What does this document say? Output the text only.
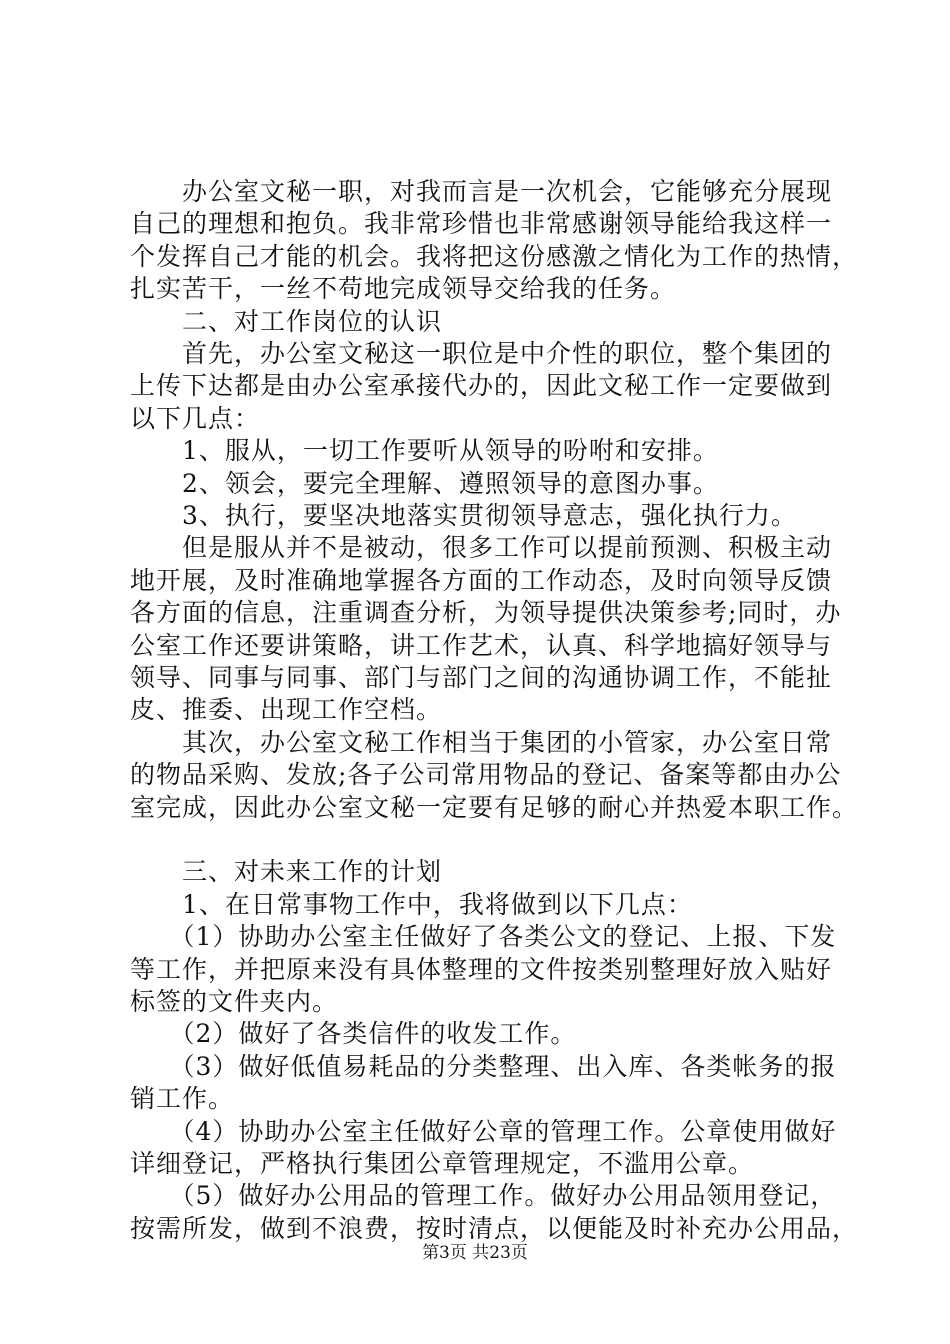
　　办公室文秘一职，对我而言是一次机会，它能够充分展现
自己的理想和抱负。我非常珍惜也非常感谢领导能给我这样一
个发挥自己才能的机会。我将把这份感激之情化为工作的热情，
扎实苦干，一丝不苟地完成领导交给我的任务。
　　二、对工作岗位的认识
　　首先，办公室文秘这一职位是中介性的职位，整个集团的
上传下达都是由办公室承接代办的，因此文秘工作一定要做到
以下几点：
　　1、服从，一切工作要听从领导的吩咐和安排。
　　2、领会，要完全理解、遵照领导的意图办事。
　　3、执行，要坚决地落实贯彻领导意志，强化执行力。
　　但是服从并不是被动，很多工作可以提前预测、积极主动
地开展，及时准确地掌握各方面的工作动态，及时向领导反馈
各方面的信息，注重调查分析，为领导提供决策参考;同时，办
公室工作还要讲策略，讲工作艺术，认真、科学地搞好领导与
领导、同事与同事、部门与部门之间的沟通协调工作，不能扯
皮、推委、出现工作空档。
　　其次，办公室文秘工作相当于集团的小管家，办公室日常
的物品采购、发放;各子公司常用物品的登记、备案等都由办公
室完成，因此办公室文秘一定要有足够的耐心并热爱本职工作。
　　三、对未来工作的计划
　　1、在日常事物工作中，我将做到以下几点：
　　（1）协助办公室主任做好了各类公文的登记、上报、下发
等工作，并把原来没有具体整理的文件按类别整理好放入贴好
标签的文件夹内。
　　（2）做好了各类信件的收发工作。
　　（3）做好低值易耗品的分类整理、出入库、各类帐务的报
销工作。
　　（4）协助办公室主任做好公章的管理工作。公章使用做好
详细登记，严格执行集团公章管理规定，不滥用公章。
　　（5）做好办公用品的管理工作。做好办公用品领用登记，
按需所发，做到不浪费，按时清点，以便能及时补充办公用品，
第3页 共23页
